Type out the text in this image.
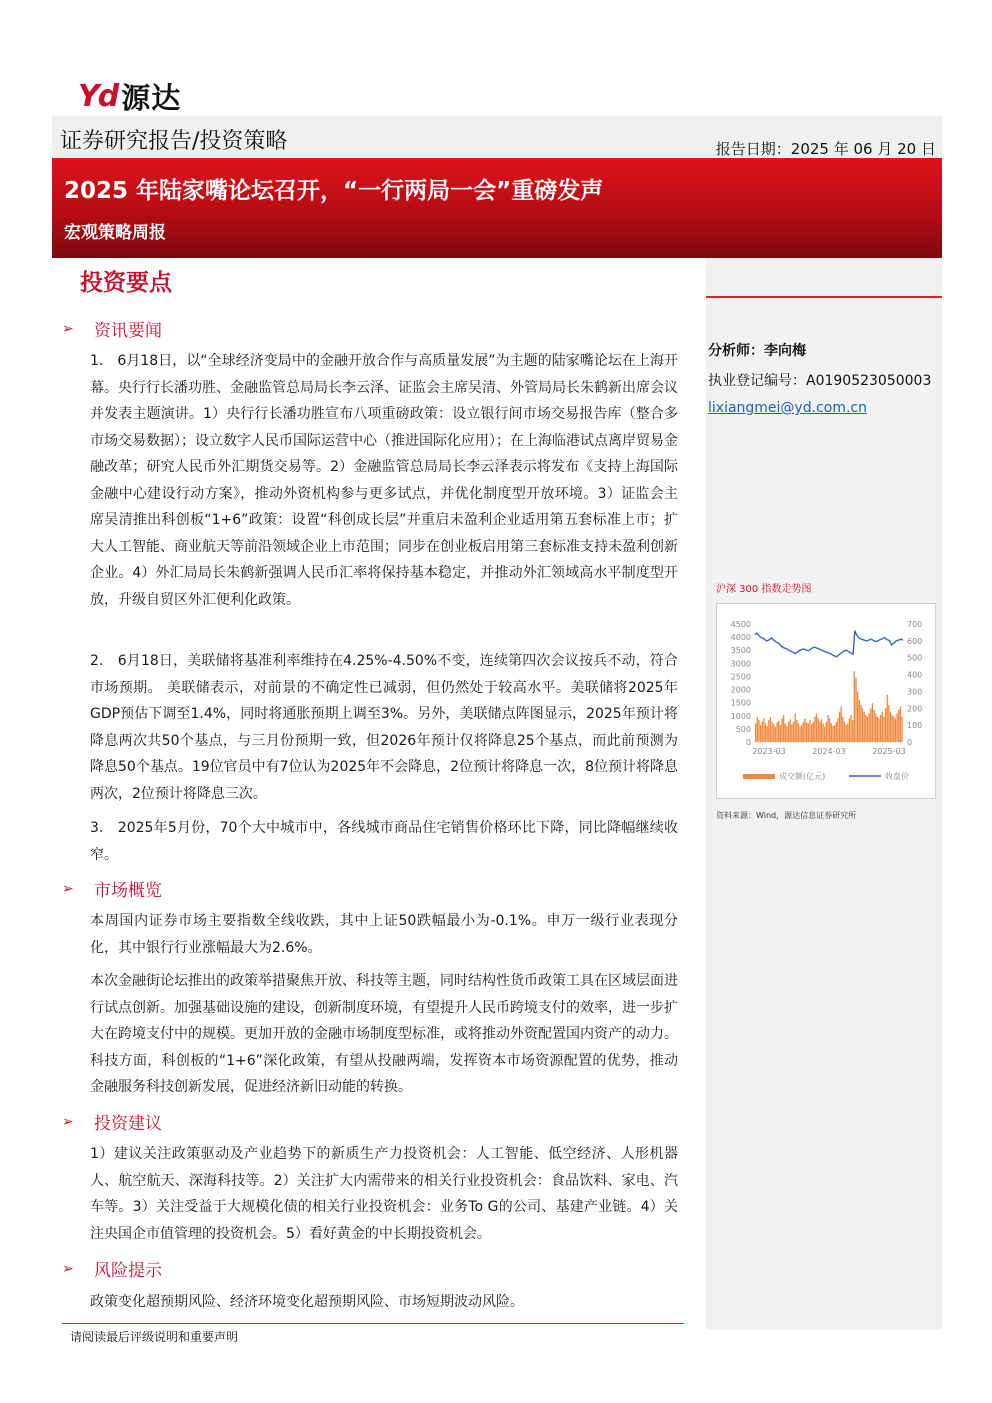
Yd 源达
证券研究报告/投资策略	报告日期：2025 年 06 月 20 日
2025 年陆家嘴论坛召开，“一行两局一会”重磅发声
宏观策略周报
分析师：李向梅
执业登记编号：A0190523050003
lixiangmei@yd.com.cn
沪深 300 指数走势图
0
500
1000
1500
2000
2500
3000
3500
4000
4500
0
100
200
300
400
500
600
700
2023-03	2024-03	2025-03
成交额(亿元)	收盘价
资料来源：Wind，源达信息证券研究所
投资要点
➢	资讯要闻
1.　6月18日，以“全球经济变局中的金融开放合作与高质量发展”为主题的陆家嘴论坛在上海开幕。央行行长潘功胜、金融监管总局局长李云泽、证监会主席吴清、外管局局长朱鹤新出席会议并发表主题演讲。1）央行行长潘功胜宣布八项重磅政策：设立银行间市场交易报告库（整合多市场交易数据）；设立数字人民币国际运营中心（推进国际化应用）；在上海临港试点离岸贸易金融改革；研究人民币外汇期货交易等。2）金融监管总局局长李云泽表示将发布《支持上海国际金融中心建设行动方案》，推动外资机构参与更多试点，并优化制度型开放环境。3）证监会主席吴清推出科创板“1+6”政策：设置“科创成长层”并重启未盈利企业适用第五套标准上市；扩大人工智能、商业航天等前沿领域企业上市范围；同步在创业板启用第三套标准支持未盈利创新企业。4）外汇局局长朱鹤新强调人民币汇率将保持基本稳定，并推动外汇领域高水平制度型开放，升级自贸区外汇便利化政策。
2.　6月18日，美联储将基准利率维持在4.25%-4.50%不变，连续第四次会议按兵不动，符合市场预期。 美联储表示，对前景的不确定性已减弱，但仍然处于较高水平。美联储将2025年GDP预估下调至1.4%，同时将通胀预期上调至3%。另外，美联储点阵图显示，2025年预计将降息两次共50个基点，与三月份预期一致，但2026年预计仅将降息25个基点，而此前预测为降息50个基点。19位官员中有7位认为2025年不会降息，2位预计将降息一次，8位预计将降息两次，2位预计将降息三次。
3.　2025年5月份，70个大中城市中，各线城市商品住宅销售价格环比下降，同比降幅继续收窄。
➢	市场概览
本周国内证券市场主要指数全线收跌，其中上证50跌幅最小为-0.1%。申万一级行业表现分化，其中银行行业涨幅最大为2.6%。
本次金融街论坛推出的政策举措聚焦开放、科技等主题，同时结构性货币政策工具在区域层面进行试点创新。加强基础设施的建设，创新制度环境，有望提升人民币跨境支付的效率，进一步扩大在跨境支付中的规模。更加开放的金融市场制度型标准，或将推动外资配置国内资产的动力。科技方面，科创板的“1+6”深化政策，有望从投融两端，发挥资本市场资源配置的优势，推动金融服务科技创新发展，促进经济新旧动能的转换。
➢	投资建议
1）建议关注政策驱动及产业趋势下的新质生产力投资机会：人工智能、低空经济、人形机器人、航空航天、深海科技等。2）关注扩大内需带来的相关行业投资机会：食品饮料、家电、汽车等。3）关注受益于大规模化债的相关行业投资机会：业务To G的公司、基建产业链。4）关注央国企市值管理的投资机会。5）看好黄金的中长期投资机会。
➢	风险提示
政策变化超预期风险、经济环境变化超预期风险、市场短期波动风险。
请阅读最后评级说明和重要声明
